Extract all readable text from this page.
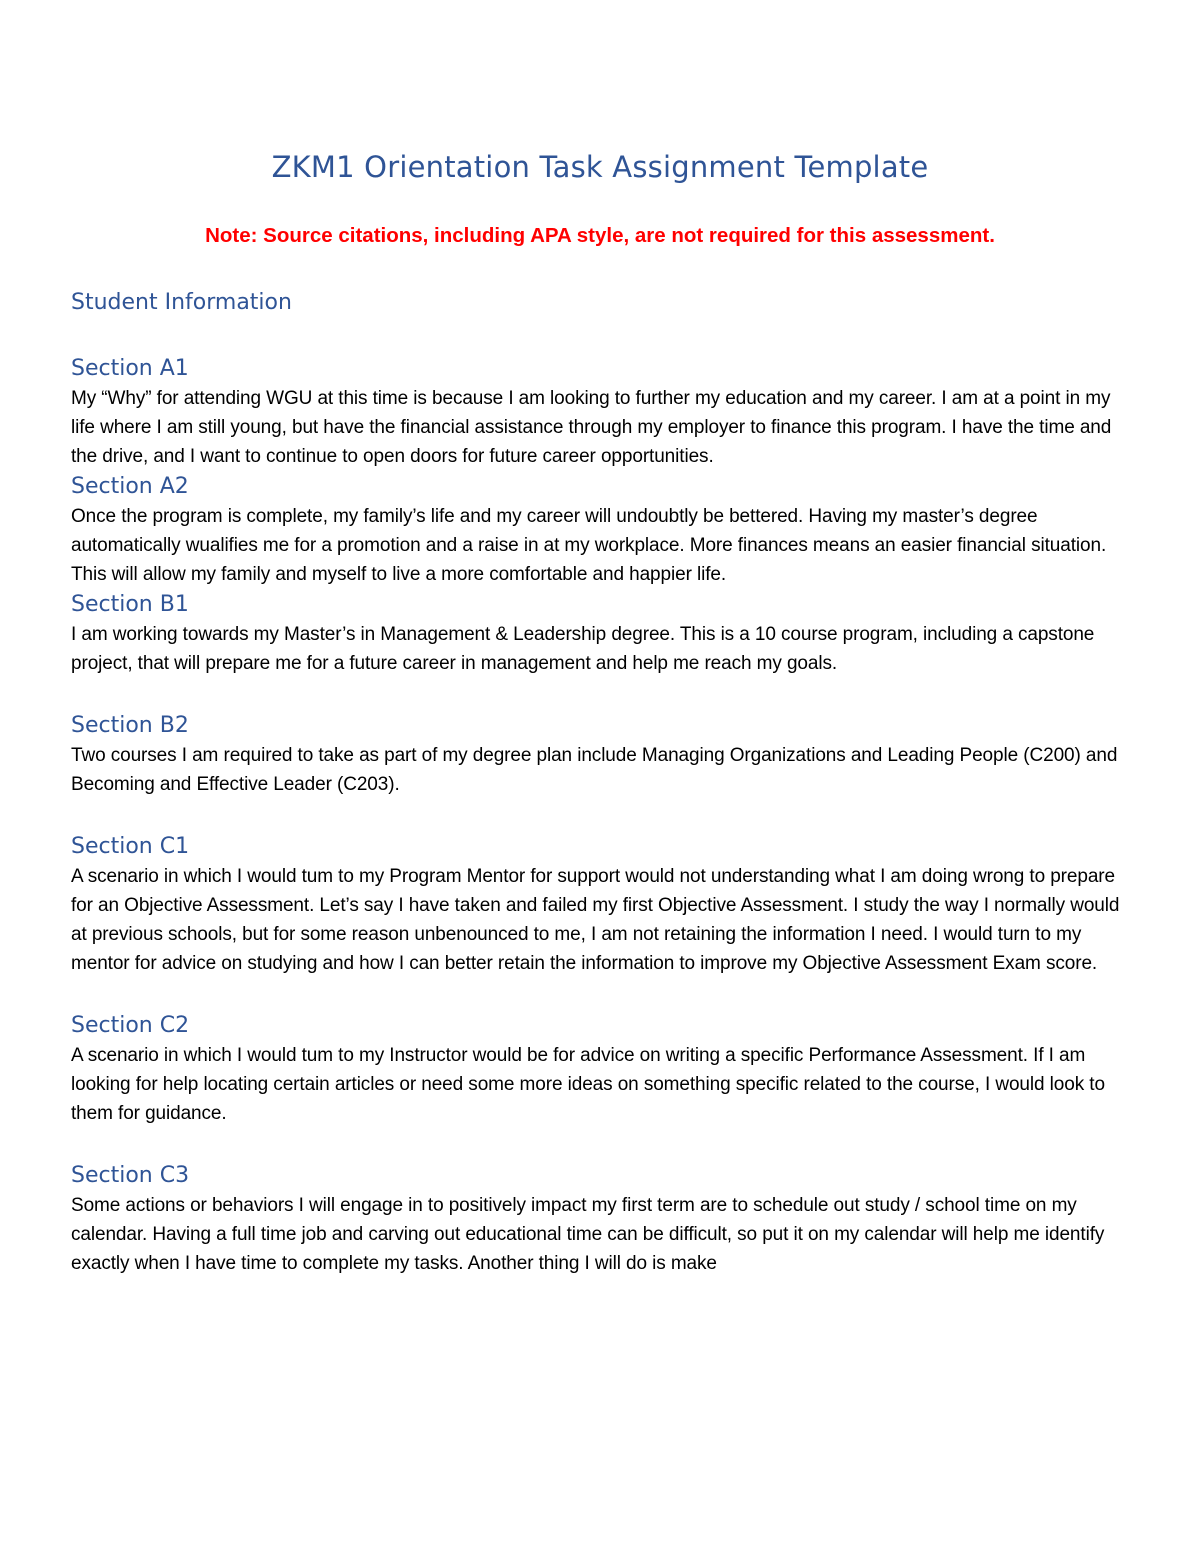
ZKM1 Orientation Task Assignment Template
Note: Source citations, including APA style, are not required for this assessment.
Student Information
Section A1
My “Why” for attending WGU at this time is because I am looking to further my education and my career. I am at a point in my life where I am still young, but have the financial assistance through my employer to finance this program. I have the time and the drive, and I want to continue to open doors for future career opportunities.
Section A2
Once the program is complete, my family’s life and my career will undoubtly be bettered. Having my master’s degree automatically wualifies me for a promotion and a raise in at my workplace. More finances means an easier financial situation. This will allow my family and myself to live a more comfortable and happier life.
Section B1
I am working towards my Master’s in Management & Leadership degree. This is a 10 course program, including a capstone project, that will prepare me for a future career in management and help me reach my goals.
Section B2
Two courses I am required to take as part of my degree plan include Managing Organizations and Leading People (C200) and Becoming and Effective Leader (C203).
Section C1
A scenario in which I would tum to my Program Mentor for support would not understanding what I am doing wrong to prepare for an Objective Assessment. Let’s say I have taken and failed my first Objective Assessment. I study the way I normally would at previous schools, but for some reason unbenounced to me, I am not retaining the information I need. I would turn to my mentor for advice on studying and how I can better retain the information to improve my Objective Assessment Exam score.
Section C2
A scenario in which I would tum to my Instructor would be for advice on writing a specific Performance Assessment. If I am looking for help locating certain articles or need some more ideas on something specific related to the course, I would look to them for guidance.
Section C3
Some actions or behaviors I will engage in to positively impact my first term are to schedule out study / school time on my calendar. Having a full time job and carving out educational time can be difficult, so put it on my calendar will help me identify exactly when I have time to complete my tasks. Another thing I will do is make
